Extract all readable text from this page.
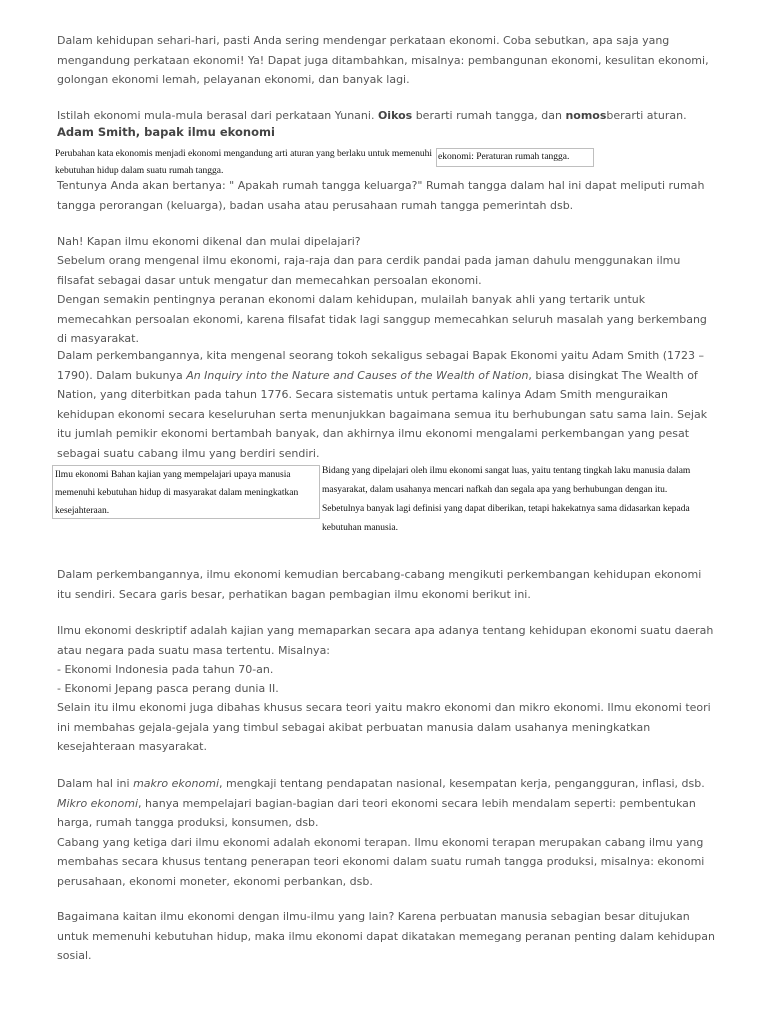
Dalam kehidupan sehari-hari, pasti Anda sering mendengar perkataan ekonomi. Coba sebutkan, apa saja yang mengandung perkataan ekonomi! Ya! Dapat juga ditambahkan, misalnya: pembangunan ekonomi, kesulitan ekonomi, golongan ekonomi lemah, pelayanan ekonomi, dan banyak lagi.

Istilah ekonomi mula-mula berasal dari perkataan Yunani. Oikos berarti rumah tangga, dan nomosberarti aturan.

Adam Smith, bapak ilmu ekonomi
Perubahan kata ekonomis menjadi ekonomi mengandung arti aturan yang berlaku untuk memenuhi kebutuhan hidup dalam suatu rumah tangga.
ekonomi: Peraturan rumah tangga.

Tentunya Anda akan bertanya: " Apakah rumah tangga keluarga?" Rumah tangga dalam hal ini dapat meliputi rumah tangga perorangan (keluarga), badan usaha atau perusahaan rumah tangga pemerintah dsb.

Nah! Kapan ilmu ekonomi dikenal dan mulai dipelajari?

Sebelum orang mengenal ilmu ekonomi, raja-raja dan para cerdik pandai pada jaman dahulu menggunakan ilmu filsafat sebagai dasar untuk mengatur dan memecahkan persoalan ekonomi.

Dengan semakin pentingnya peranan ekonomi dalam kehidupan, mulailah banyak ahli yang tertarik untuk memecahkan persoalan ekonomi, karena filsafat tidak lagi sanggup memecahkan seluruh masalah yang berkembang di masyarakat.

Dalam perkembangannya, kita mengenal seorang tokoh sekaligus sebagai Bapak Ekonomi yaitu Adam Smith (1723 – 1790). Dalam bukunya An Inquiry into the Nature and Causes of the Wealth of Nation, biasa disingkat The Wealth of Nation, yang diterbitkan pada tahun 1776. Secara sistematis untuk pertama kalinya Adam Smith menguraikan kehidupan ekonomi secara keseluruhan serta menunjukkan bagaimana semua itu berhubungan satu sama lain. Sejak itu jumlah pemikir ekonomi bertambah banyak, dan akhirnya ilmu ekonomi mengalami perkembangan yang pesat sebagai suatu cabang ilmu yang berdiri sendiri.

Ilmu ekonomi Bahan kajian yang mempelajari upaya manusia memenuhi kebutuhan hidup di masyarakat dalam meningkatkan kesejahteraan.

Bidang yang dipelajari oleh ilmu ekonomi sangat luas, yaitu tentang tingkah laku manusia dalam masyarakat, dalam usahanya mencari nafkah dan segala apa yang berhubungan dengan itu.

Sebetulnya banyak lagi definisi yang dapat diberikan, tetapi hakekatnya sama didasarkan kepada kebutuhan manusia.

Dalam perkembangannya, ilmu ekonomi kemudian bercabang-cabang mengikuti perkembangan kehidupan ekonomi itu sendiri. Secara garis besar, perhatikan bagan pembagian ilmu ekonomi berikut ini.

Ilmu ekonomi deskriptif adalah kajian yang memaparkan secara apa adanya tentang kehidupan ekonomi suatu daerah atau negara pada suatu masa tertentu. Misalnya:

- Ekonomi Indonesia pada tahun 70-an.

- Ekonomi Jepang pasca perang dunia II.

Selain itu ilmu ekonomi juga dibahas khusus secara teori yaitu makro ekonomi dan mikro ekonomi. Ilmu ekonomi teori ini membahas gejala-gejala yang timbul sebagai akibat perbuatan manusia dalam usahanya meningkatkan kesejahteraan masyarakat.

Dalam hal ini makro ekonomi, mengkaji tentang pendapatan nasional, kesempatan kerja, pengangguran, inflasi, dsb.
Mikro ekonomi, hanya mempelajari bagian-bagian dari teori ekonomi secara lebih mendalam seperti: pembentukan harga, rumah tangga produksi, konsumen, dsb.
Cabang yang ketiga dari ilmu ekonomi adalah ekonomi terapan. Ilmu ekonomi terapan merupakan cabang ilmu yang membahas secara khusus tentang penerapan teori ekonomi dalam suatu rumah tangga produksi, misalnya: ekonomi perusahaan, ekonomi moneter, ekonomi perbankan, dsb.

Bagaimana kaitan ilmu ekonomi dengan ilmu-ilmu yang lain? Karena perbuatan manusia sebagian besar ditujukan untuk memenuhi kebutuhan hidup, maka ilmu ekonomi dapat dikatakan memegang peranan penting dalam kehidupan sosial.
